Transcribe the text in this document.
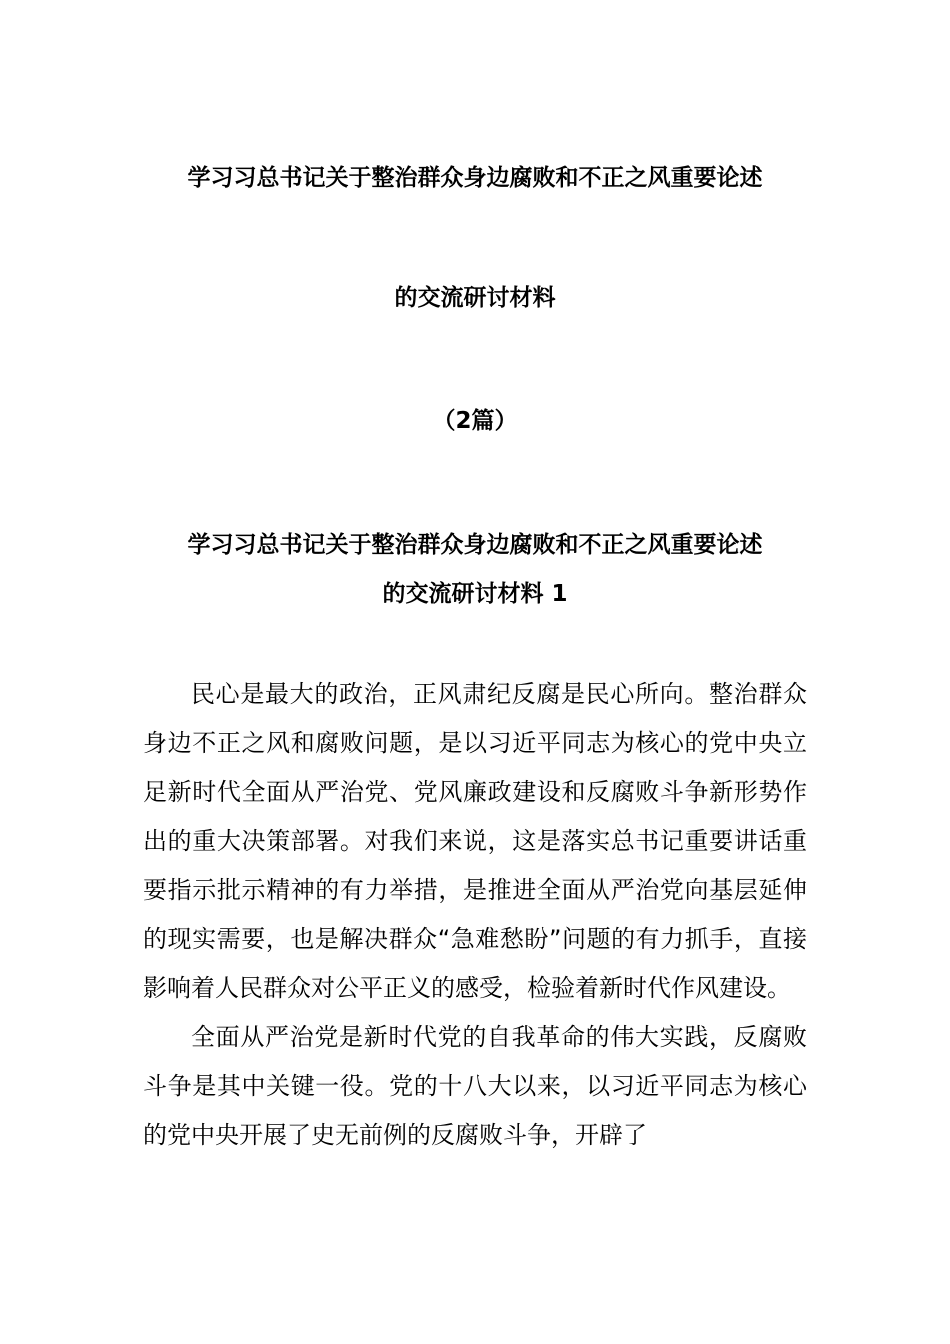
学习习总书记关于整治群众身边腐败和不正之风重要论述
的交流研讨材料
（2篇）
学习习总书记关于整治群众身边腐败和不正之风重要论述
的交流研讨材料 1

民心是最大的政治，正风肃纪反腐是民心所向。整治群众身边不正之风和腐败问题，是以习近平同志为核心的党中央立足新时代全面从严治党、党风廉政建设和反腐败斗争新形势作出的重大决策部署。对我们来说，这是落实总书记重要讲话重要指示批示精神的有力举措，是推进全面从严治党向基层延伸的现实需要，也是解决群众“急难愁盼”问题的有力抓手，直接影响着人民群众对公平正义的感受，检验着新时代作风建设。

全面从严治党是新时代党的自我革命的伟大实践，反腐败斗争是其中关键一役。党的十八大以来，以习近平同志为核心的党中央开展了史无前例的反腐败斗争，开辟了
